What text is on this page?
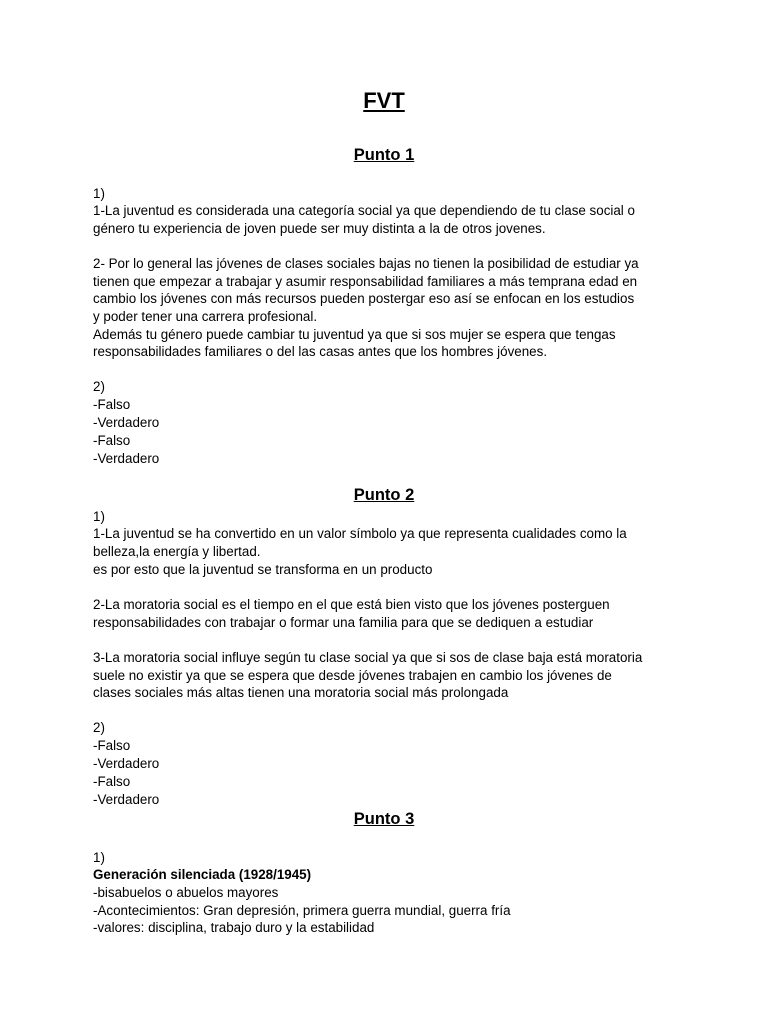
FVT
Punto 1
1)
1-La juventud es considerada una categoría social ya que dependiendo de tu clase social o
género tu experiencia de joven puede ser muy distinta a la de otros jovenes.
2- Por lo general las jóvenes de clases sociales bajas no tienen la posibilidad de estudiar ya
tienen que empezar a trabajar y asumir responsabilidad familiares a más temprana edad en
cambio los jóvenes con más recursos pueden postergar eso así se enfocan en los estudios
y poder tener una carrera profesional.
Además tu género puede cambiar tu juventud ya que si sos mujer se espera que tengas
responsabilidades familiares o del las casas antes que los hombres jóvenes.
2)
-Falso
-Verdadero
-Falso
-Verdadero
Punto 2
1)
1-La juventud se ha convertido en un valor símbolo ya que representa cualidades como la
belleza,la energía y libertad.
es por esto que la juventud se transforma en un producto
2-La moratoria social es el tiempo en el que está bien visto que los jóvenes posterguen
responsabilidades con trabajar o formar una familia para que se dediquen a estudiar
3-La moratoria social influye según tu clase social ya que si sos de clase baja está moratoria
suele no existir ya que se espera que desde jóvenes trabajen en cambio los jóvenes de
clases sociales más altas tienen una moratoria social más prolongada
2)
-Falso
-Verdadero
-Falso
-Verdadero
Punto 3
1)
Generación silenciada (1928/1945)
-bisabuelos o abuelos mayores
-Acontecimientos: Gran depresión, primera guerra mundial, guerra fría
-valores: disciplina, trabajo duro y la estabilidad
